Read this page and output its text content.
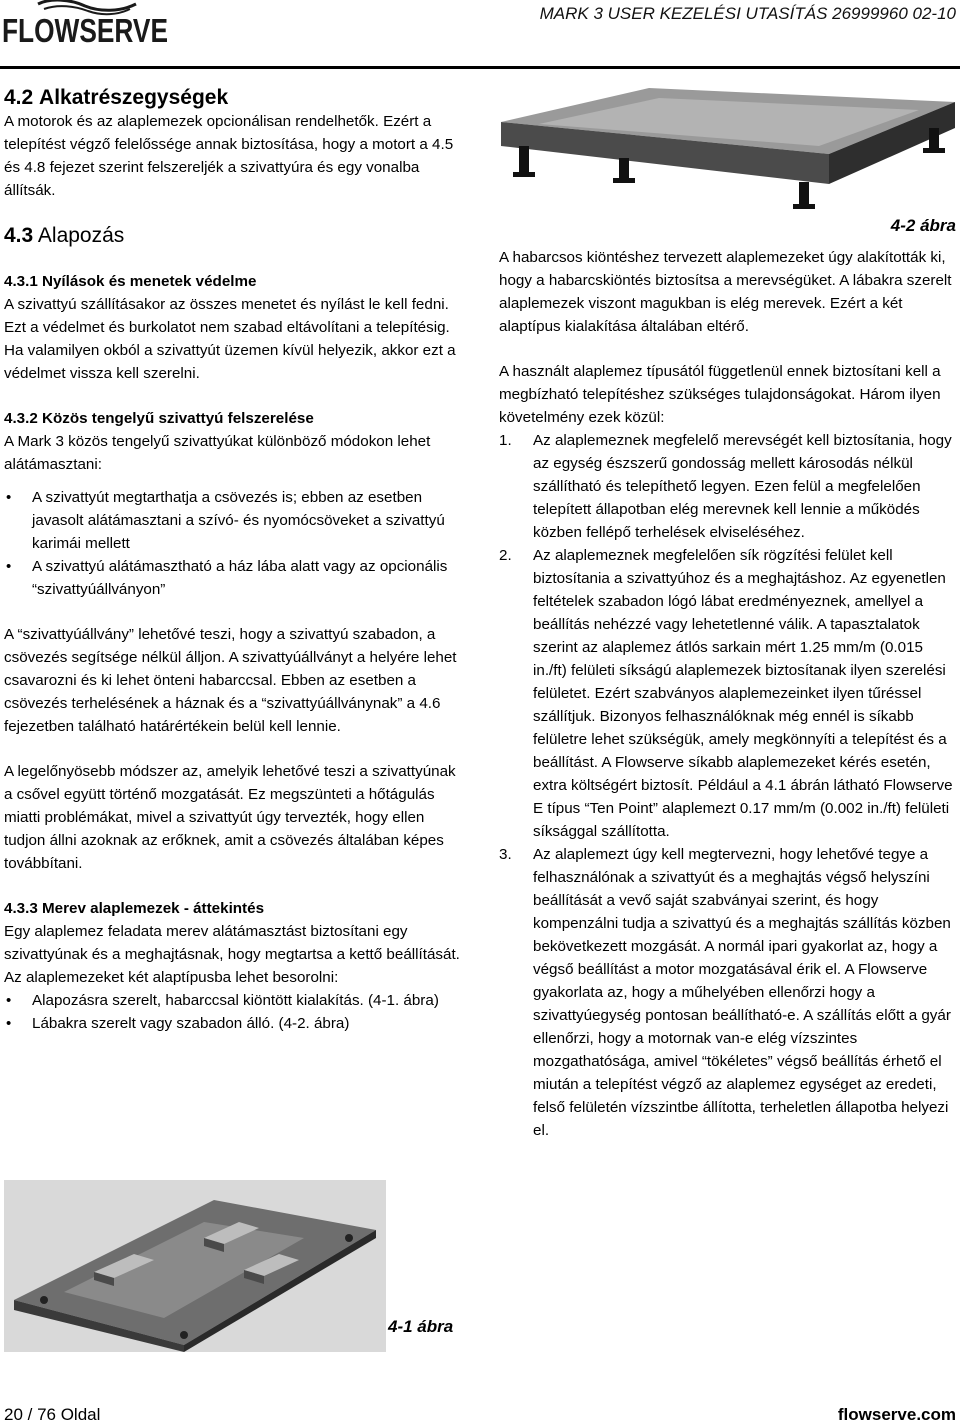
FLOWSERVE	MARK 3 USER KEZELÉSI UTASÍTÁS 26999960 02-10
4.2 Alkatrészegységek

A motorok és az alaplemezek opcionálisan rendelhetők. Ezért a telepítést végző felelőssége annak biztosítása, hogy a motort a 4.5 és 4.8 fejezet szerint felszereljék a szivattyúra és egy vonalba állítsák.

4.3 Alapozás
4.3.1 Nyílások és menetek védelme

A szivattyú szállításakor az összes menetet és nyílást le kell fedni. Ezt a védelmet és burkolatot nem szabad eltávolítani a telepítésig. Ha valamilyen okból a szivattyút üzemen kívül helyezik, akkor ezt a védelmet vissza kell szerelni.

4.3.2 Közös tengelyű szivattyú felszerelése

A Mark 3 közös tengelyű szivattyúkat különböző módokon lehet alátámasztani:

• A szivattyút megtarthatja a csövezés is; ebben az esetben javasolt alátámasztani a szívó- és nyomócsöveket a szivattyú karimái mellett
• A szivattyú alátámasztható a ház lába alatt vagy az opcionális “szivattyúállványon”

A “szivattyúállvány” lehetővé teszi, hogy a szivattyú szabadon, a csövezés segítsége nélkül álljon. A szivattyúállványt a helyére lehet csavarozni és ki lehet önteni habarccsal. Ebben az esetben a csövezés terhelésének a háznak és a “szivattyúállványnak” a 4.6 fejezetben található határértékein belül kell lennie.

A legelőnyösebb módszer az, amelyik lehetővé teszi a szivattyúnak a csővel együtt történő mozgatását. Ez megszünteti a hőtágulás miatti problémákat, mivel a szivattyút úgy tervezték, hogy ellen tudjon állni azoknak az erőknek, amit a csövezés általában képes továbbítani.

4.3.3 Merev alaplemezek - áttekintés

Egy alaplemez feladata merev alátámasztást biztosítani egy szivattyúnak és a meghajtásnak, hogy megtartsa a kettő beállítását. Az alaplemezeket két alaptípusba lehet besorolni:

• Alapozásra szerelt, habarccsal kiöntött kialakítás. (4-1. ábra)
• Lábakra szerelt vagy szabadon álló. (4-2. ábra)
4-1 ábra
4-2 ábra

A habarcsos kiöntéshez tervezett alaplemezeket úgy alakították ki, hogy a habarcskiöntés biztosítsa a merevségüket. A lábakra szerelt alaplemezek viszont magukban is elég merevek. Ezért a két alaptípus kialakítása általában eltérő.

A használt alaplemez típusától függetlenül ennek biztosítani kell a megbízható telepítéshez szükséges tulajdonságokat. Három ilyen követelmény ezek közül:

1. Az alaplemeznek megfelelő merevségét kell biztosítania, hogy az egység észszerű gondosság mellett károsodás nélkül szállítható és telepíthető legyen. Ezen felül a megfelelően telepített állapotban elég merevnek kell lennie a működés közben fellépő terhelések elviseléséhez.
2. Az alaplemeznek megfelelően sík rögzítési felület kell biztosítania a szivattyúhoz és a meghajtáshoz. Az egyenetlen feltételek szabadon lógó lábat eredményeznek, amellyel a beállítás nehézzé vagy lehetetlenné válik. A tapasztalatok szerint az alaplemez átlós sarkain mért 1.25 mm/m (0.015 in./ft) felületi síkságú alaplemezek biztosítanak ilyen szerelési felületet. Ezért szabványos alaplemezeinket ilyen tűréssel szállítjuk. Bizonyos felhasználóknak még ennél is síkabb felületre lehet szükségük, amely megkönnyíti a telepítést és a beállítást. A Flowserve síkabb alaplemezeket kérés esetén, extra költségért biztosít. Például a 4.1 ábrán látható Flowserve E típus “Ten Point” alaplemezt 0.17 mm/m (0.002 in./ft) felületi síksággal szállította.
3. Az alaplemezt úgy kell megtervezni, hogy lehetővé tegye a felhasználónak a szivattyút és a meghajtás végső helyszíni beállítását a vevő saját szabványai szerint, és hogy kompenzálni tudja a szivattyú és a meghajtás szállítás közben bekövetkezett mozgását. A normál ipari gyakorlat az, hogy a végső beállítást a motor mozgatásával érik el. A Flowserve gyakorlata az, hogy a műhelyében ellenőrzi hogy a szivattyúegység pontosan beállítható-e. A szállítás előtt a gyár ellenőrzi, hogy a motornak van-e elég vízszintes mozgathatósága, amivel “tökéletes” végső beállítás érhető el miután a telepítést végző az alaplemez egységet az eredeti, felső felületén vízszintbe állította, terheletlen állapotba helyezi el.
20 / 76 Oldal	flowserve.com
